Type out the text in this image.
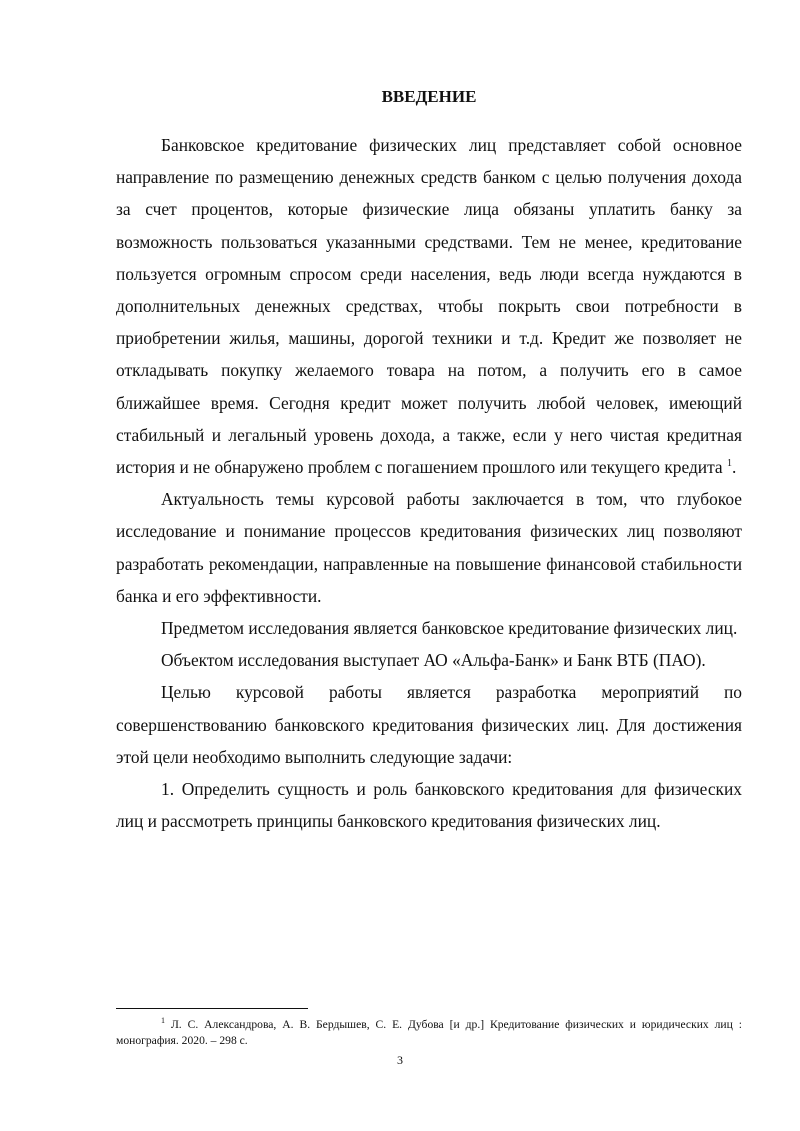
ВВЕДЕНИЕ

Банковское кредитование физических лиц представляет собой основное направление по размещению денежных средств банком с целью получения дохода за счет процентов, которые физические лица обязаны уплатить банку за возможность пользоваться указанными средствами. Тем не менее, кредитование пользуется огромным спросом среди населения, ведь люди всегда нуждаются в дополнительных денежных средствах, чтобы покрыть свои потребности в приобретении жилья, машины, дорогой техники и т.д. Кредит же позволяет не откладывать покупку желаемого товара на потом, а получить его в самое ближайшее время. Сегодня кредит может получить любой человек, имеющий стабильный и легальный уровень дохода, а также, если у него чистая кредитная история и не обнаружено проблем с погашением прошлого или текущего кредита $^1$.

Актуальность темы курсовой работы заключается в том, что глубокое исследование и понимание процессов кредитования физических лиц позволяют разработать рекомендации, направленные на повышение финансовой стабильности банка и его эффективности.

Предметом исследования является банковское кредитование физических лиц.

Объектом исследования выступает АО «Альфа-Банк» и Банк ВТБ (ПАО).

Целью курсовой работы является разработка мероприятий по совершенствованию банковского кредитования физических лиц. Для достижения этой цели необходимо выполнить следующие задачи:

1. Определить сущность и роль банковского кредитования для физических лиц и рассмотреть принципы банковского кредитования физических лиц.

$^1$ Л. С. Александрова, А. В. Бердышев, С. Е. Дубова [и др.] Кредитование физических и юридических лиц : монография. 2020. – 298 с.
3
